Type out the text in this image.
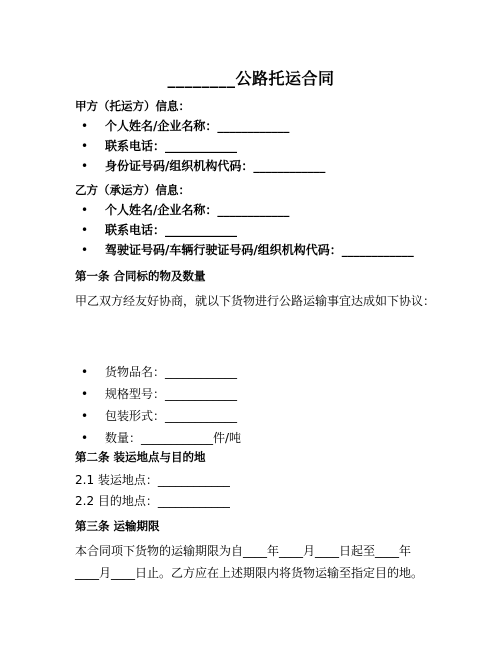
________公路托运合同
甲方（托运方）信息：
• 个人姓名/企业名称：____________
• 联系电话：____________
• 身份证号码/组织机构代码：____________
乙方（承运方）信息：
• 个人姓名/企业名称：____________
• 联系电话：____________
• 驾驶证号码/车辆行驶证号码/组织机构代码：____________
第一条 合同标的物及数量
甲乙双方经友好协商，就以下货物进行公路运输事宜达成如下协议：
• 货物品名：____________
• 规格型号：____________
• 包装形式：____________
• 数量：____________件/吨
第二条 装运地点与目的地
2.1 装运地点：____________
2.2 目的地点：____________
第三条 运输期限
本合同项下货物的运输期限为自____年____月____日起至____年____月____日止。乙方应在上述期限内将货物运输至指定目的地。
